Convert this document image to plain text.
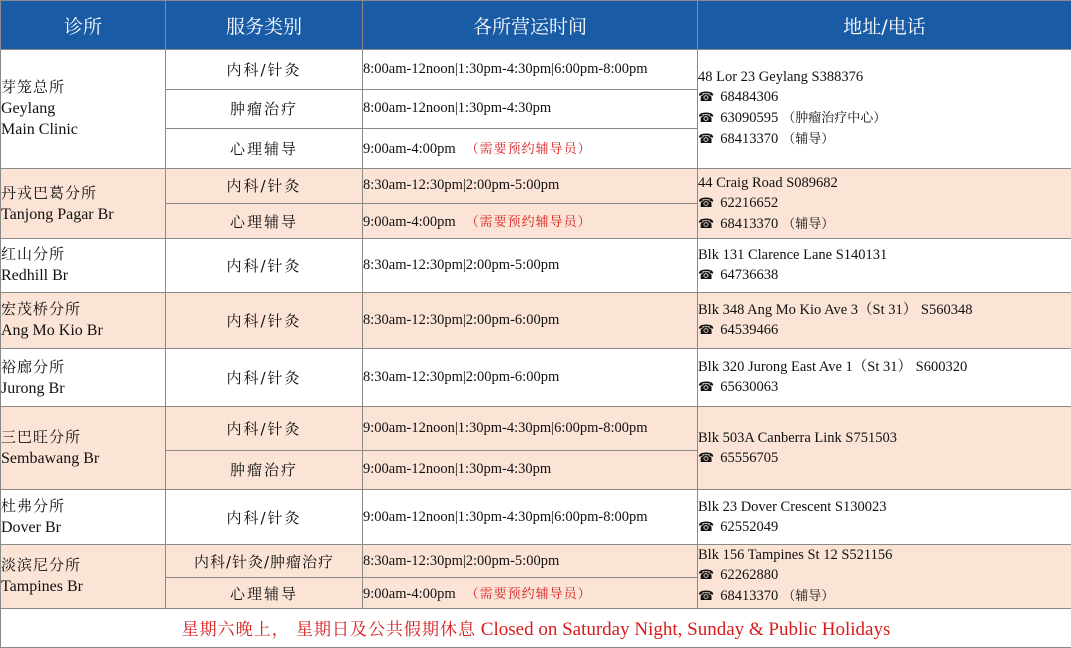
诊所	服务类别	各所营运时间	地址/电话

芽笼总所
Geylang
Main Clinic	内科/针灸	8:00am-12noon|1:30pm-4:30pm|6:00pm-8:00pm	48 Lor 23 Geylang S388376
☎ 68484306
☎ 63090595 （肿瘤治疗中心）
☎ 68413370 （辅导）

	肿瘤治疗	8:00am-12noon|1:30pm-4:30pm	
	心理辅导	9:00am-4:00pm （需要预约辅导员）	

丹戎巴葛分所
Tanjong Pagar Br	内科/针灸	8:30am-12:30pm|2:00pm-5:00pm	44 Craig Road S089682
☎ 62216652
☎ 68413370 （辅导）

	心理辅导	9:00am-4:00pm （需要预约辅导员）	

红山分所
Redhill Br	内科/针灸	8:30am-12:30pm|2:00pm-5:00pm	Blk 131 Clarence Lane S140131
☎ 64736638

宏茂桥分所
Ang Mo Kio Br	内科/针灸	8:30am-12:30pm|2:00pm-6:00pm	Blk 348 Ang Mo Kio Ave 3（St 31） S560348
☎ 64539466

裕廊分所
Jurong Br	内科/针灸	8:30am-12:30pm|2:00pm-6:00pm	Blk 320 Jurong East Ave 1（St 31） S600320
☎ 65630063

三巴旺分所
Sembawang Br	内科/针灸	9:00am-12noon|1:30pm-4:30pm|6:00pm-8:00pm	Blk 503A Canberra Link S751503
☎ 65556705

	肿瘤治疗	9:00am-12noon|1:30pm-4:30pm	

杜弗分所
Dover Br	内科/针灸	9:00am-12noon|1:30pm-4:30pm|6:00pm-8:00pm	Blk 23 Dover Crescent S130023
☎ 62552049

淡滨尼分所
Tampines Br	内科/针灸/肿瘤治疗	8:30am-12:30pm|2:00pm-5:00pm	Blk 156 Tampines St 12 S521156
☎ 62262880
☎ 68413370 （辅导）

	心理辅导	9:00am-4:00pm （需要预约辅导员）	
星期六晚上， 星期日及公共假期休息 Closed on Saturday Night, Sunday & Public Holidays			
